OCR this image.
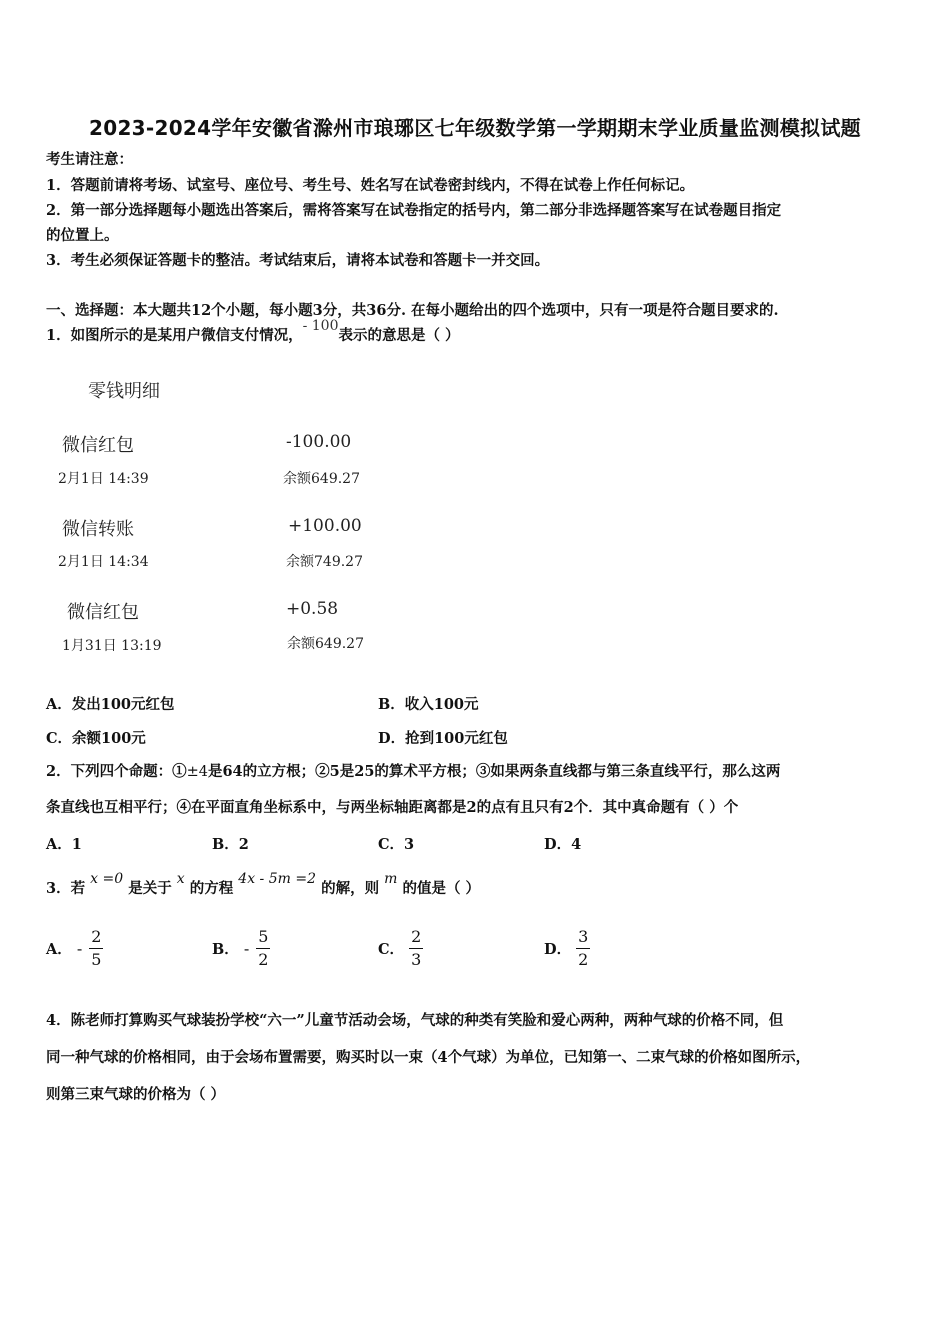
2023-2024学年安徽省滁州市琅琊区七年级数学第一学期期末学业质量监测模拟试题
考生请注意：
1．答题前请将考场、试室号、座位号、考生号、姓名写在试卷密封线内，不得在试卷上作任何标记。
2．第一部分选择题每小题选出答案后，需将答案写在试卷指定的括号内，第二部分非选择题答案写在试卷题目指定
的位置上。
3．考生必须保证答题卡的整洁。考试结束后，请将本试卷和答题卡一并交回。
一、选择题：本大题共12个小题，每小题3分，共36分. 在每小题给出的四个选项中，只有一项是符合题目要求的.
1．如图所示的是某用户微信支付情况，- 100表示的意思是（ ）
零钱明细
微信红包	-100.00
2月1日 14:39	余额649.27
微信转账	+100.00
2月1日 14:34	余额749.27
微信红包	+0.58
1月31日 13:19	余额649.27
A．发出100元红包	B．收入100元
C．余额100元	D．抢到100元红包
2．下列四个命题：①±4是64的立方根；②5是25的算术平方根；③如果两条直线都与第三条直线平行，那么这两
条直线也互相平行；④在平面直角坐标系中，与两坐标轴距离都是2的点有且只有2个．其中真命题有（ ）个
A．1	B．2	C．3	D．4
3．若 x =0 是关于 x 的方程 4x - 5m =2 的解，则 m 的值是（ ）
A． - $\frac{2}{5}$	B． - $\frac{5}{2}$	C． $\frac{2}{3}$	D． $\frac{3}{2}$
4．陈老师打算购买气球装扮学校“六一”儿童节活动会场，气球的种类有笑脸和爱心两种，两种气球的价格不同，但
同一种气球的价格相同，由于会场布置需要，购买时以一束（4个气球）为单位，已知第一、二束气球的价格如图所示，
则第三束气球的价格为（ ）
